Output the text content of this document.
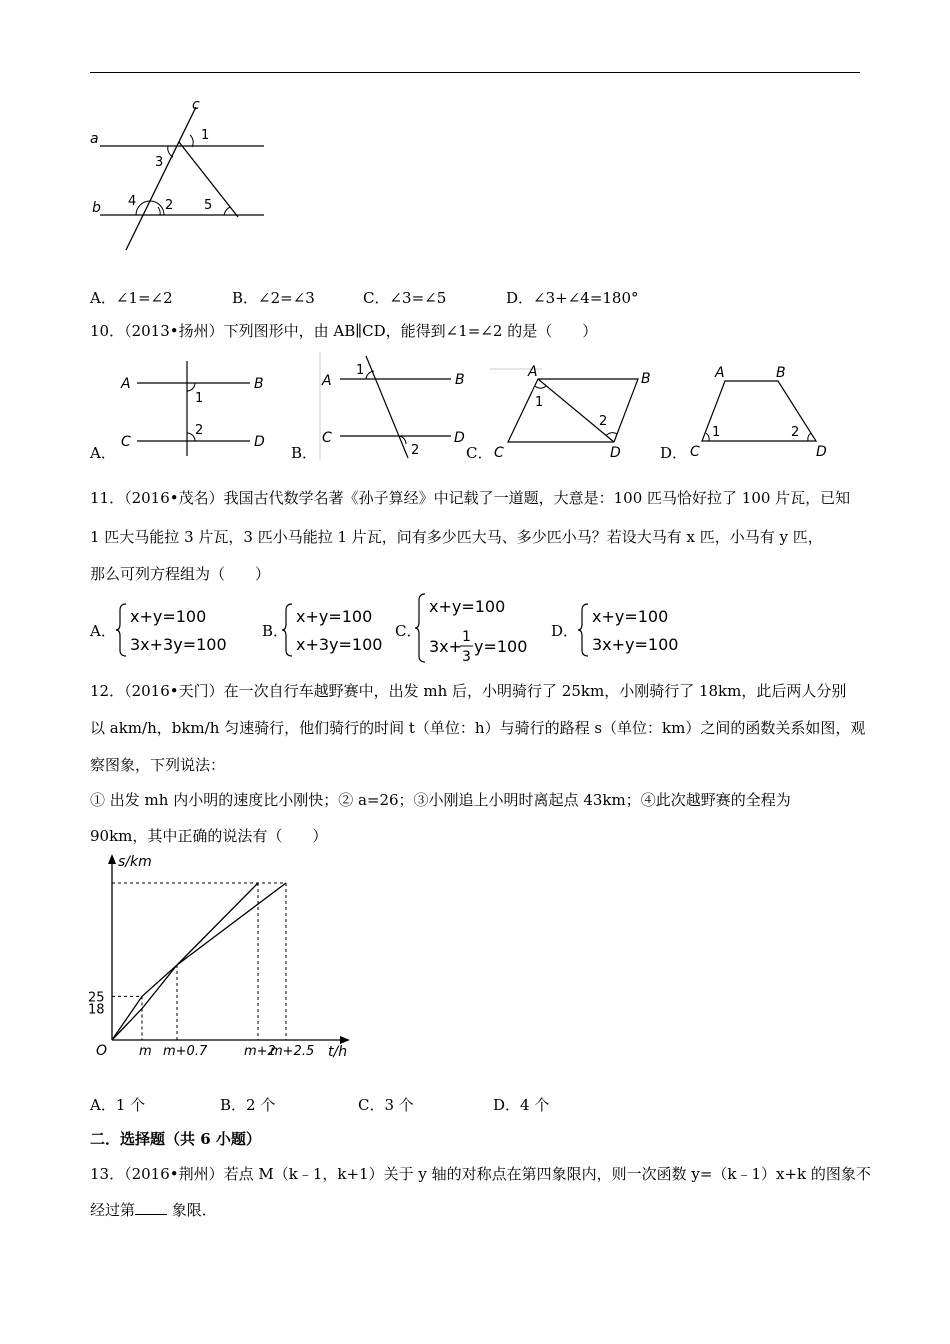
a
b
c
1
3
4 2 5
A．∠1=∠2	B．∠2=∠3	C．∠3=∠5	D．∠3+∠4=180°
10．（2013•扬州）下列图形中，由 AB∥CD，能得到∠1=∠2 的是（　　）
A．
A	B
C	D
1
2
B．
A	B
C	D
1
2	C．
A	B
C	D
1
2
D．
A	B
C	D
1	2
11．（2016•茂名）我国古代数学名著《孙子算经》中记载了一道题，大意是：100 匹马恰好拉了 100 片瓦，已知
1 匹大马能拉 3 片瓦，3 匹小马能拉 1 片瓦，问有多少匹大马、多少匹小马？若设大马有 x 匹，小马有 y 匹，
那么可列方程组为（　　）
A．
x+y=100
3x+3y=100
B．
x+y=100
x+3y=100
C．
x+y=100
3x+ 1
3
y=100
D．
x+y=100
3x+y=100
12．（2016•天门）在一次自行车越野赛中，出发 mh 后，小明骑行了 25km，小刚骑行了 18km，此后两人分别
以 akm/h，bkm/h 匀速骑行，他们骑行的时间 t（单位：h）与骑行的路程 s（单位：km）之间的函数关系如图，观
察图象，下列说法：
① 出发 mh 内小明的速度比小刚快；② a=26；③小刚追上小明时离起点 43km；④此次越野赛的全程为
90km，其中正确的说法有（　　）
m m+0.7	m+2
m+2.5
25
18
s/km
t/h
O
A．1 个	B．2 个	C．3 个	D．4 个
二．选择题（共 6 小题）
13．（2016•荆州）若点 M（k﹣1，k+1）关于 y 轴的对称点在第四象限内，则一次函数 y=（k﹣1）x+k 的图象不
经过第 象限．
